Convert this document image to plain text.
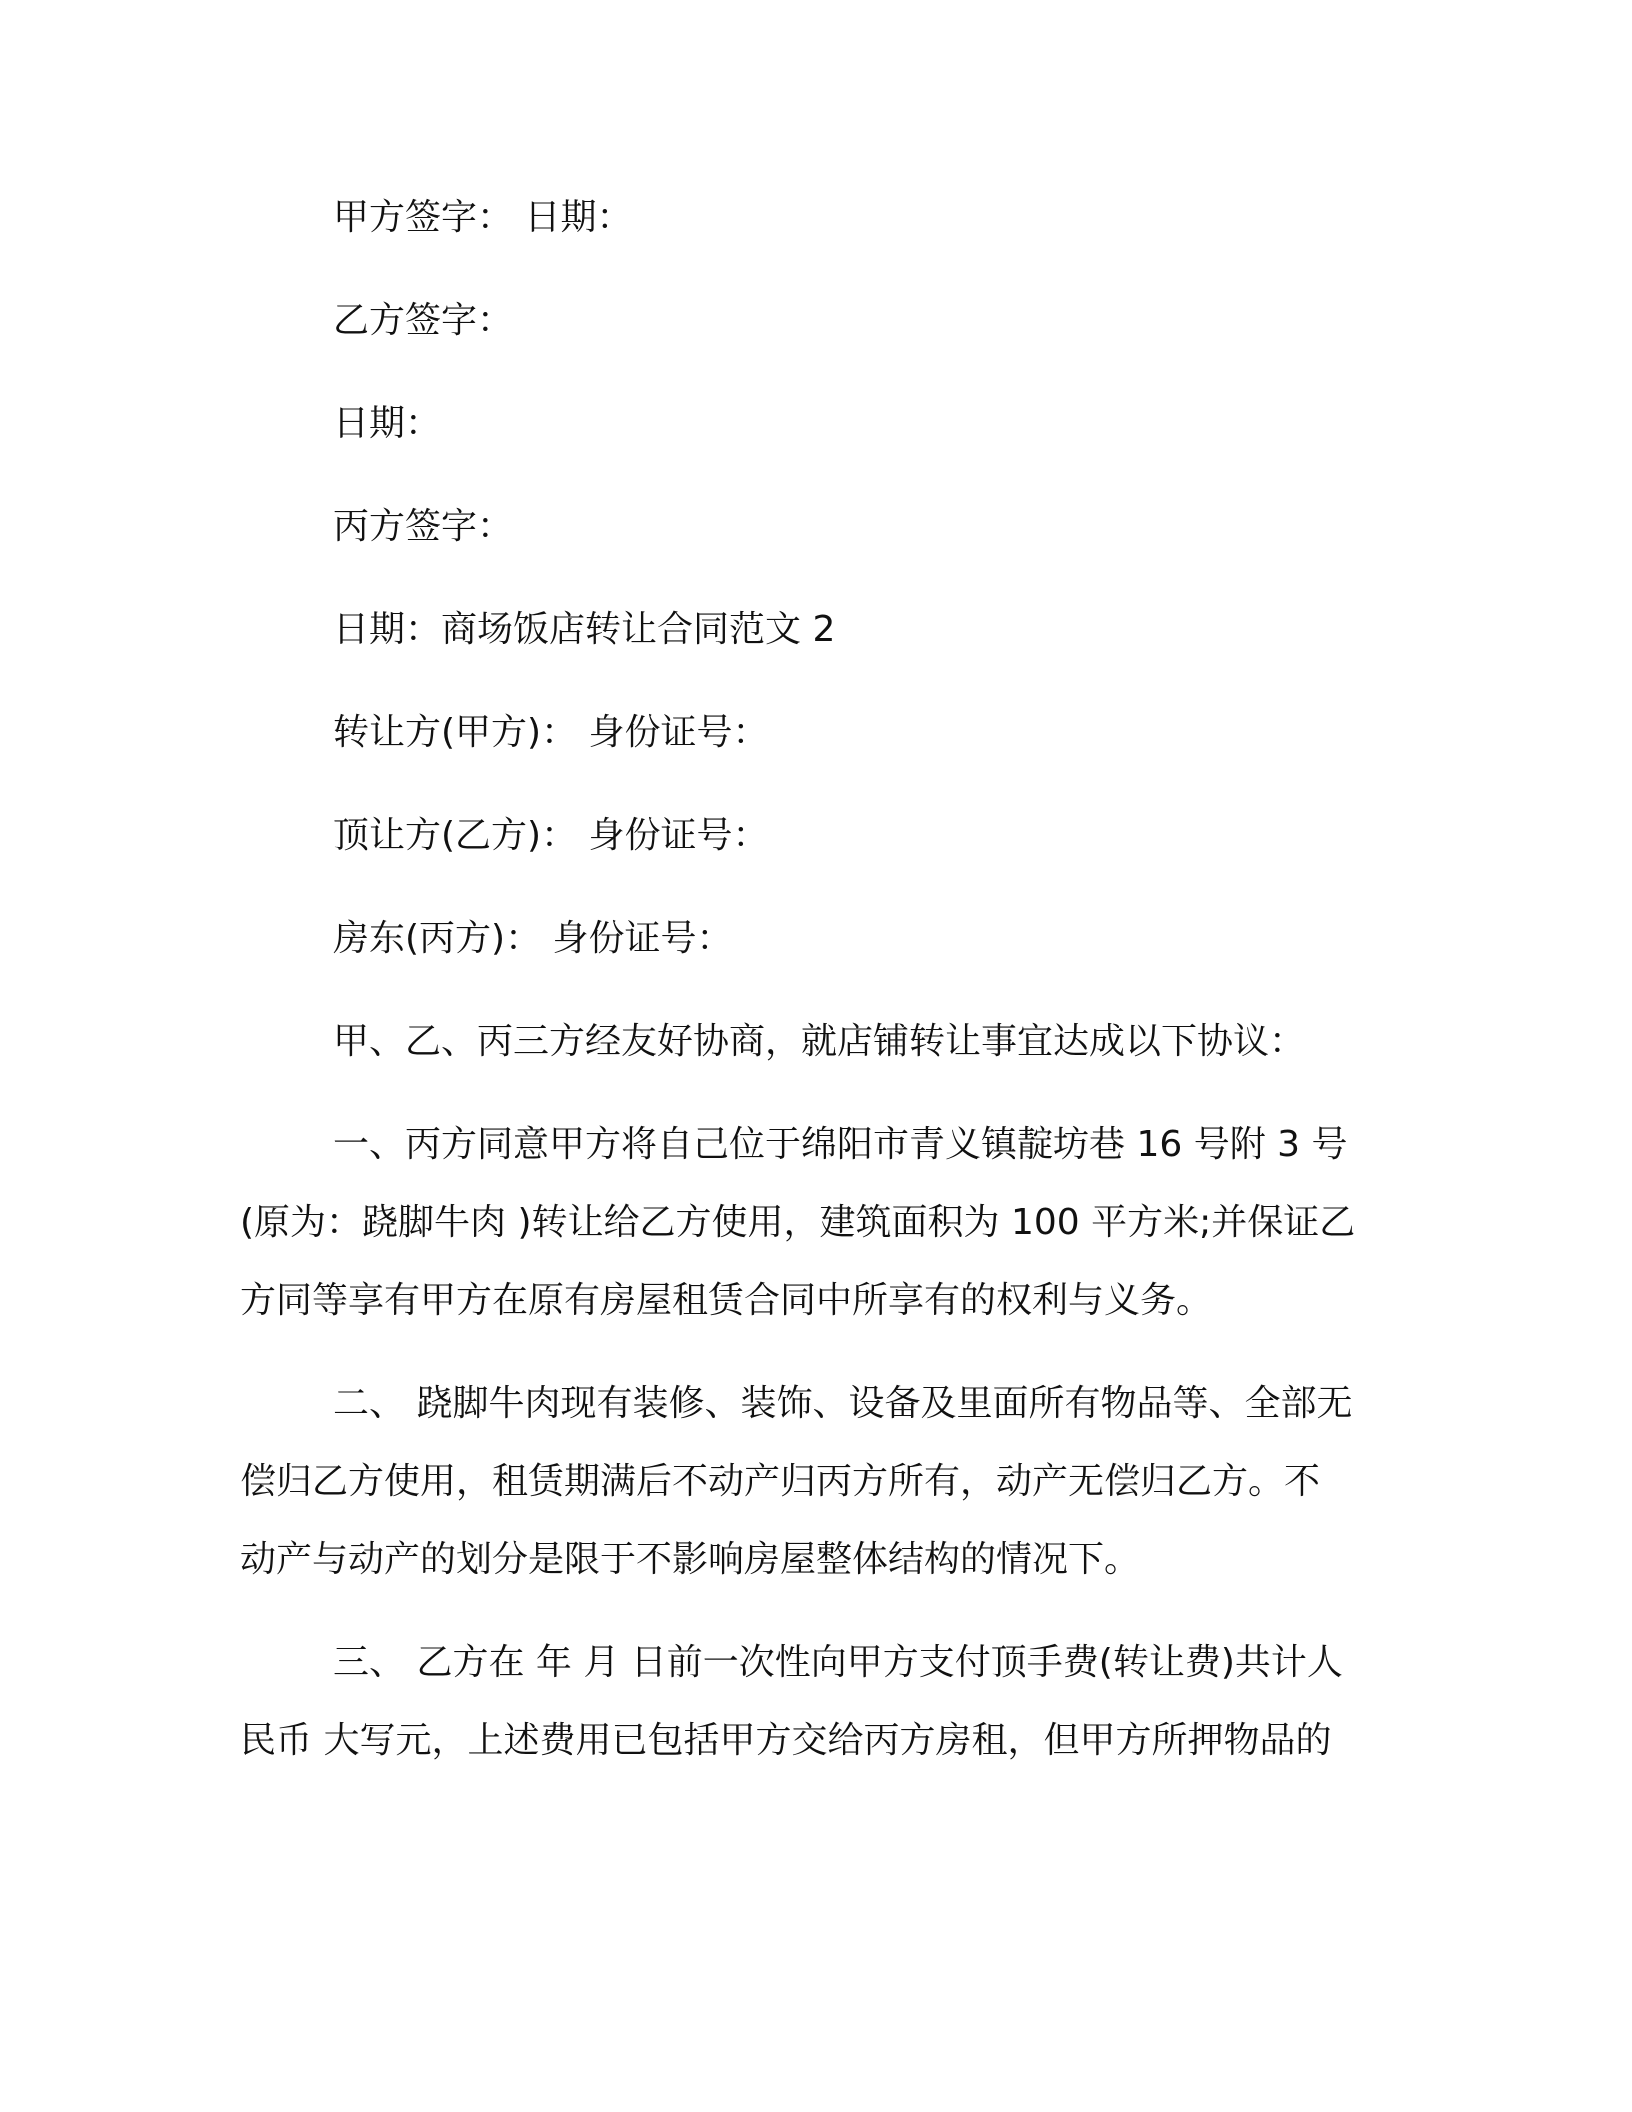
甲方签字： 日期：
乙方签字：
日期：
丙方签字：
日期：商场饭店转让合同范文 2
转让方(甲方)： 身份证号：
顶让方(乙方)： 身份证号：
房东(丙方)： 身份证号：
甲、乙、丙三方经友好协商，就店铺转让事宜达成以下协议：
一、丙方同意甲方将自己位于绵阳市青义镇靛坊巷 16 号附 3 号
(原为：跷脚牛肉 )转让给乙方使用，建筑面积为 100 平方米;并保证乙
方同等享有甲方在原有房屋租赁合同中所享有的权利与义务。
二、 跷脚牛肉现有装修、装饰、设备及里面所有物品等、全部无
偿归乙方使用，租赁期满后不动产归丙方所有，动产无偿归乙方。不
动产与动产的划分是限于不影响房屋整体结构的情况下。
三、 乙方在 年 月 日前一次性向甲方支付顶手费(转让费)共计人
民币 大写元，上述费用已包括甲方交给丙方房租，但甲方所押物品的
